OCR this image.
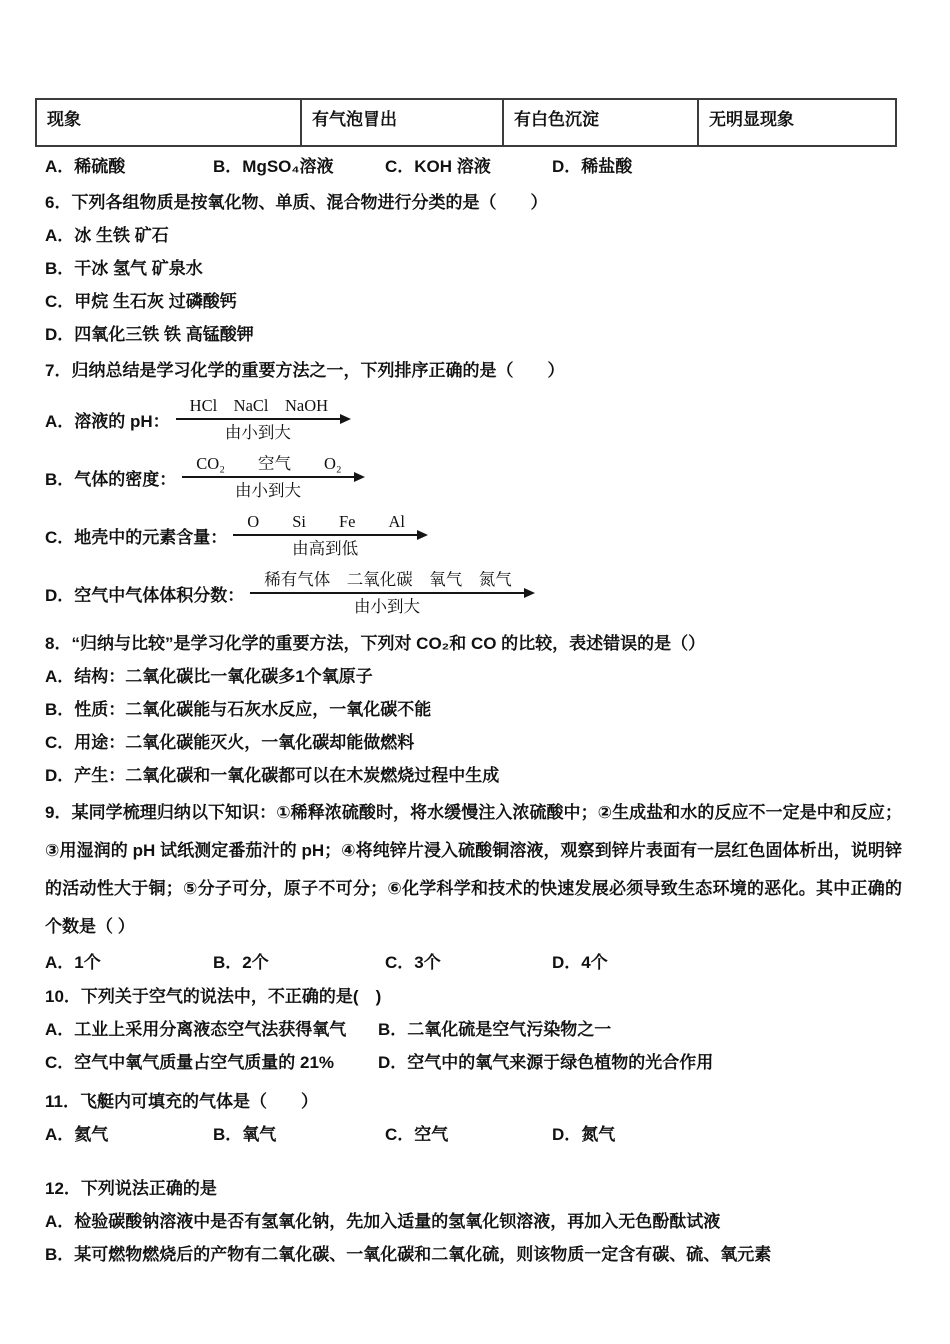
现象	有气泡冒出	有白色沉淀	无明显现象
A．稀硫酸	B．MgSO₄溶液	C．KOH 溶液	D．稀盐酸

6．下列各组物质是按氧化物、单质、混合物进行分类的是（　　）

A．冰 生铁 矿石

B．干冰 氢气 矿泉水

C．甲烷 生石灰 过磷酸钙

D．四氧化三铁 铁 高锰酸钾

7．归纳总结是学习化学的重要方法之一，下列排序正确的是（　　）

A．溶液的 pH：
HCl　NaCl　NaOH
由小到大
B．气体的密度：
CO₂　　空气　　O₂
由小到大
C．地壳中的元素含量：
O　　Si　　Fe　　Al
由高到低
D．空气中气体体积分数：
稀有气体　二氧化碳　氧气　氮气
由小到大

8．“归纳与比较”是学习化学的重要方法，下列对 CO₂和 CO 的比较，表述错误的是（）

A．结构：二氧化碳比一氧化碳多1个氧原子

B．性质：二氧化碳能与石灰水反应，一氧化碳不能

C．用途：二氧化碳能灭火，一氧化碳却能做燃料

D．产生：二氧化碳和一氧化碳都可以在木炭燃烧过程中生成

9．某同学梳理归纳以下知识：①稀释浓硫酸时，将水缓慢注入浓硫酸中；②生成盐和水的反应不一定是中和反应；③用湿润的 pH 试纸测定番茄汁的 pH；④将纯锌片浸入硫酸铜溶液，观察到锌片表面有一层红色固体析出，说明锌的活动性大于铜；⑤分子可分，原子不可分；⑥化学科学和技术的快速发展必须导致生态环境的恶化。其中正确的个数是（ ）

A．1个	B．2个	C．3个	D．4个

10．下列关于空气的说法中，不正确的是(　)

A．工业上采用分离液态空气法获得氧气	B．二氧化硫是空气污染物之一
C．空气中氧气质量占空气质量的 21%	D．空气中的氧气来源于绿色植物的光合作用

11．飞艇内可填充的气体是（　　）

A．氦气	B．氧气	C．空气	D．氮气

12．下列说法正确的是

A．检验碳酸钠溶液中是否有氢氧化钠，先加入适量的氢氧化钡溶液，再加入无色酚酞试液

B．某可燃物燃烧后的产物有二氧化碳、一氧化碳和二氧化硫，则该物质一定含有碳、硫、氧元素
